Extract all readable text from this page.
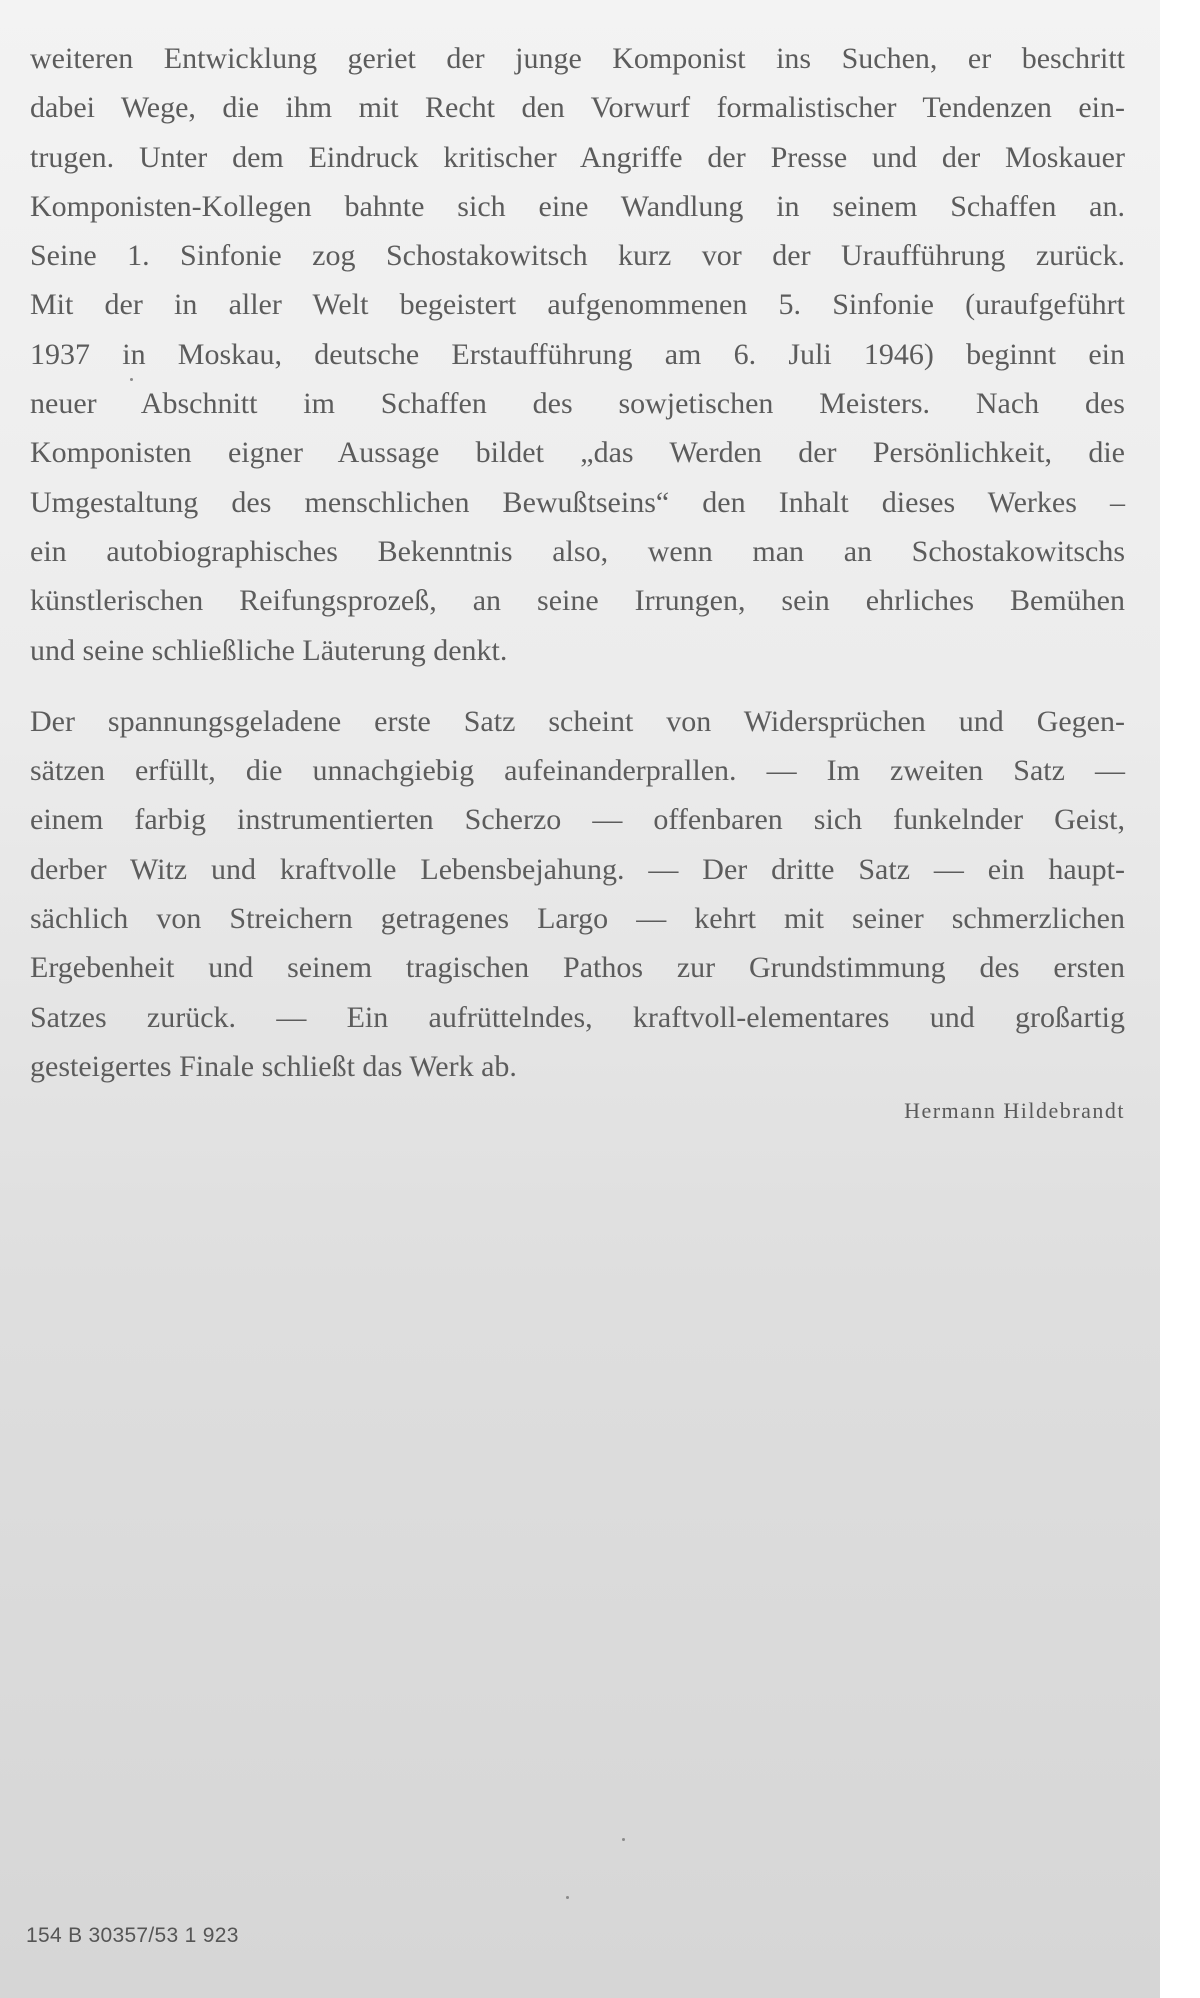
weiteren Entwicklung geriet der junge Komponist ins Suchen, er beschritt
dabei Wege, die ihm mit Recht den Vorwurf formalistischer Tendenzen ein-
trugen. Unter dem Eindruck kritischer Angriffe der Presse und der Moskauer
Komponisten-Kollegen bahnte sich eine Wandlung in seinem Schaffen an.
Seine 1. Sinfonie zog Schostakowitsch kurz vor der Uraufführung zurück.
Mit der in aller Welt begeistert aufgenommenen 5. Sinfonie (uraufgeführt
1937 in Moskau, deutsche Erstaufführung am 6. Juli 1946) beginnt ein
neuer Abschnitt im Schaffen des sowjetischen Meisters. Nach des
Komponisten eigner Aussage bildet „das Werden der Persönlichkeit, die
Umgestaltung des menschlichen Bewußtseins“ den Inhalt dieses Werkes –
ein autobiographisches Bekenntnis also, wenn man an Schostakowitschs
künstlerischen Reifungsprozeß, an seine Irrungen, sein ehrliches Bemühen
und seine schließliche Läuterung denkt.
Der spannungsgeladene erste Satz scheint von Widersprüchen und Gegen-
sätzen erfüllt, die unnachgiebig aufeinanderprallen. — Im zweiten Satz —
einem farbig instrumentierten Scherzo — offenbaren sich funkelnder Geist,
derber Witz und kraftvolle Lebensbejahung. — Der dritte Satz — ein haupt-
sächlich von Streichern getragenes Largo — kehrt mit seiner schmerzlichen
Ergebenheit und seinem tragischen Pathos zur Grundstimmung des ersten
Satzes zurück. — Ein aufrüttelndes, kraftvoll-elementares und großartig
gesteigertes Finale schließt das Werk ab.
Hermann Hildebrandt
154 B 30357/53 1 923
